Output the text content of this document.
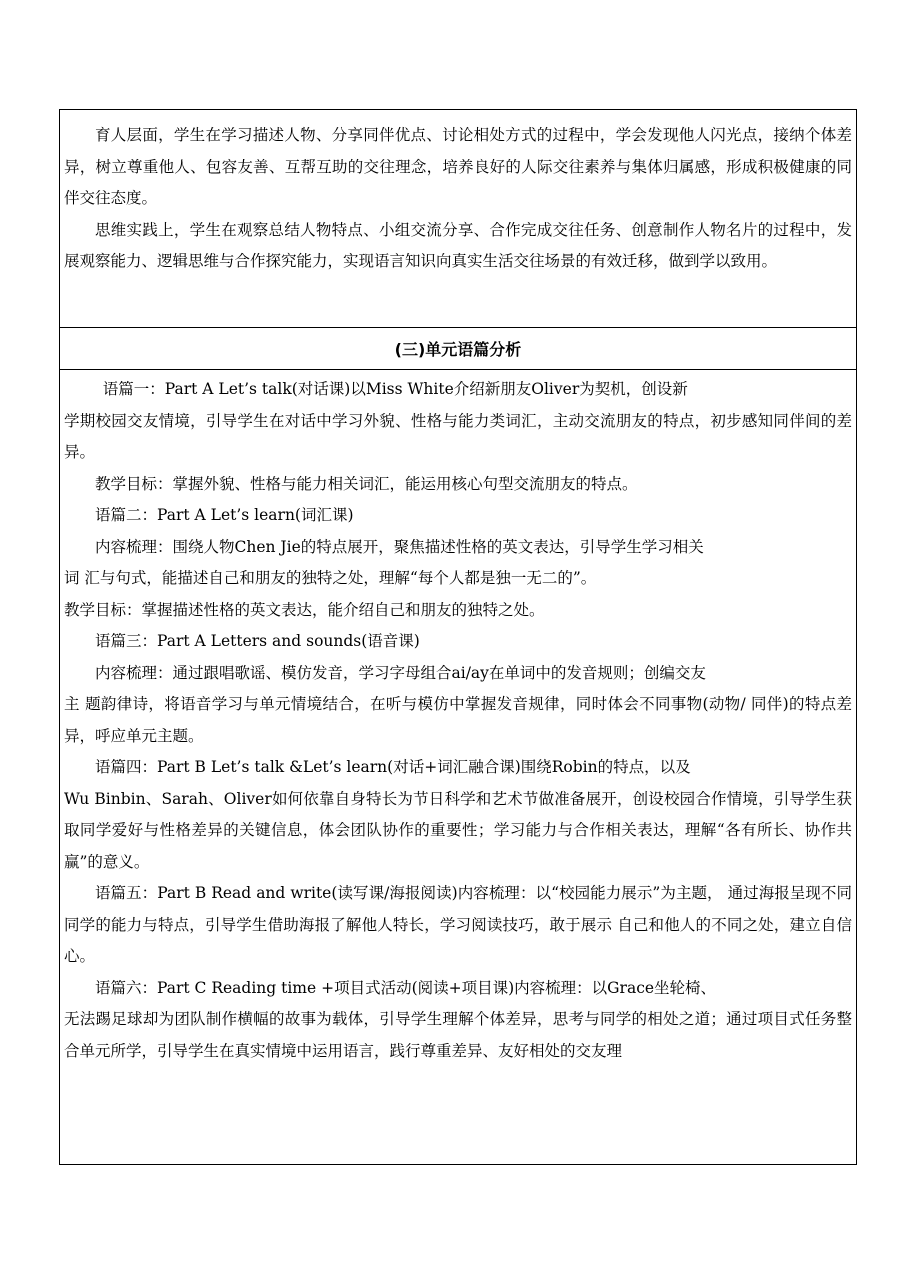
育人层面，学生在学习描述人物、分享同伴优点、讨论相处方式的过程中，学会发现他人闪光点，接纳个体差异，树立尊重他人、包容友善、互帮互助的交往理念，培养良好的人际交往素养与集体归属感，形成积极健康的同伴交往态度。

思维实践上，学生在观察总结人物特点、小组交流分享、合作完成交往任务、创意制作人物名片的过程中，发展观察能力、逻辑思维与合作探究能力，实现语言知识向真实生活交往场景的有效迁移，做到学以致用。

(三)单元语篇分析

语篇一：Part A Let’s talk(对话课)以Miss White介绍新朋友Oliver为契机，创设新

学期校园交友情境，引导学生在对话中学习外貌、性格与能力类词汇，主动交流朋友的特点，初步感知同伴间的差异。

教学目标：掌握外貌、性格与能力相关词汇，能运用核心句型交流朋友的特点。

语篇二：Part A Let’s learn(词汇课)

内容梳理：围绕人物Chen Jie的特点展开，聚焦描述性格的英文表达，引导学生学习相关

词 汇与句式，能描述自己和朋友的独特之处，理解“每个人都是独一无二的”。

教学目标：掌握描述性格的英文表达，能介绍自己和朋友的独特之处。

语篇三：Part A Letters and sounds(语音课)

内容梳理：通过跟唱歌谣、模仿发音，学习字母组合ai/ay在单词中的发音规则；创编交友

主 题韵律诗，将语音学习与单元情境结合，在听与模仿中掌握发音规律，同时体会不同事物(动物/ 同伴)的特点差异，呼应单元主题。

语篇四：Part B Let’s talk &Let’s learn(对话+词汇融合课)围绕Robin的特点，以及

Wu Binbin、Sarah、Oliver如何依靠自身特长为节日科学和艺术节做准备展开，创设校园合作情境，引导学生获取同学爱好与性格差异的关键信息，体会团队协作的重要性；学习能力与合作相关表达，理解“各有所长、协作共赢”的意义。

语篇五：Part B Read and write(读写课/海报阅读)内容梳理：以“校园能力展示”为主题， 通过海报呈现不同同学的能力与特点，引导学生借助海报了解他人特长，学习阅读技巧，敢于展示 自己和他人的不同之处，建立自信心。

语篇六：Part C Reading time +项目式活动(阅读+项目课)内容梳理：以Grace坐轮椅、

无法踢足球却为团队制作横幅的故事为载体，引导学生理解个体差异，思考与同学的相处之道；通过项目式任务整合单元所学，引导学生在真实情境中运用语言，践行尊重差异、友好相处的交友理
